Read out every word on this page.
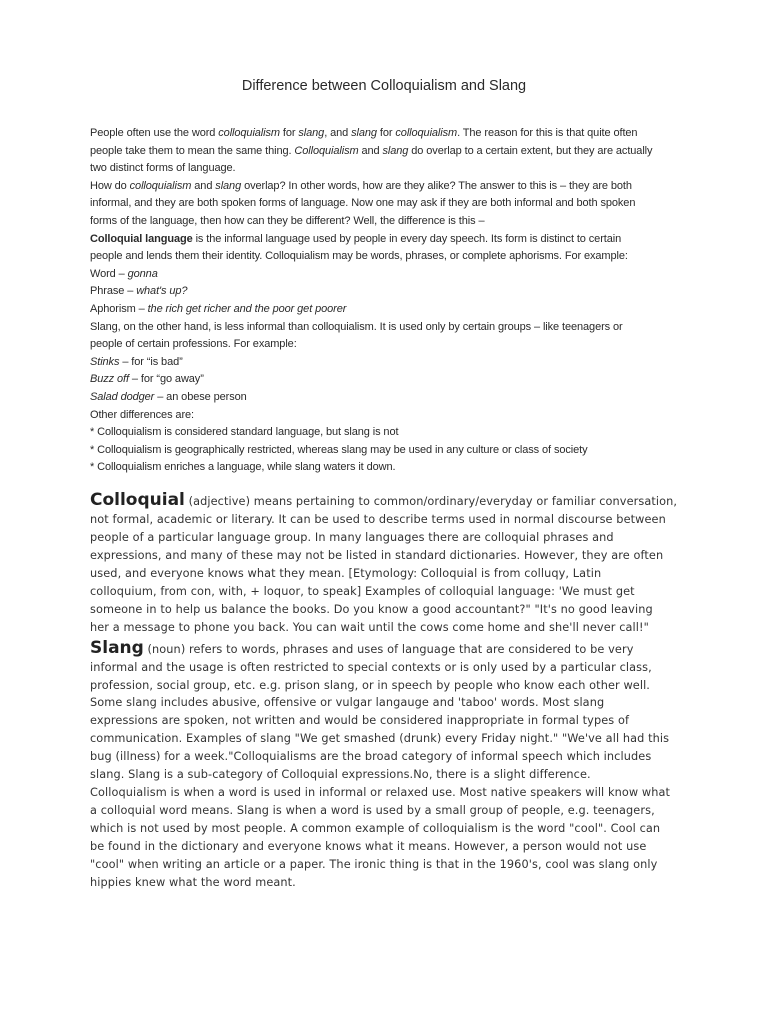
Difference between Colloquialism and Slang
People often use the word colloquialism for slang, and slang for colloquialism. The reason for this is that quite often
people take them to mean the same thing. Colloquialism and slang do overlap to a certain extent, but they are actually
two distinct forms of language.
How do colloquialism and slang overlap? In other words, how are they alike? The answer to this is – they are both
informal, and they are both spoken forms of language. Now one may ask if they are both informal and both spoken
forms of the language, then how can they be different? Well, the difference is this –
Colloquial language is the informal language used by people in every day speech. Its form is distinct to certain
people and lends them their identity. Colloquialism may be words, phrases, or complete aphorisms. For example:
Word – gonna
Phrase – what's up?
Aphorism – the rich get richer and the poor get poorer
Slang, on the other hand, is less informal than colloquialism. It is used only by certain groups – like teenagers or
people of certain professions. For example:
Stinks – for “is bad”
Buzz off – for “go away”
Salad dodger – an obese person
Other differences are:
* Colloquialism is considered standard language, but slang is not
* Colloquialism is geographically restricted, whereas slang may be used in any culture or class of society
* Colloquialism enriches a language, while slang waters it down.
Colloquial (adjective) means pertaining to common/ordinary/everyday or familiar conversation,
not formal, academic or literary. It can be used to describe terms used in normal discourse between
people of a particular language group. In many languages there are colloquial phrases and
expressions, and many of these may not be listed in standard dictionaries. However, they are often
used, and everyone knows what they mean. [Etymology: Colloquial is from colluqy, Latin
colloquium, from con, with, + loquor, to speak] Examples of colloquial language: 'We must get
someone in to help us balance the books. Do you know a good accountant?" "It's no good leaving
her a message to phone you back. You can wait until the cows come home and she'll never call!"
Slang (noun) refers to words, phrases and uses of language that are considered to be very
informal and the usage is often restricted to special contexts or is only used by a particular class,
profession, social group, etc. e.g. prison slang, or in speech by people who know each other well.
Some slang includes abusive, offensive or vulgar langauge and 'taboo' words. Most slang
expressions are spoken, not written and would be considered inappropriate in formal types of
communication. Examples of slang "We get smashed (drunk) every Friday night." "We've all had this
bug (illness) for a week."Colloquialisms are the broad category of informal speech which includes
slang. Slang is a sub-category of Colloquial expressions.No, there is a slight difference.
Colloquialism is when a word is used in informal or relaxed use. Most native speakers will know what
a colloquial word means. Slang is when a word is used by a small group of people, e.g. teenagers,
which is not used by most people. A common example of colloquialism is the word "cool". Cool can
be found in the dictionary and everyone knows what it means. However, a person would not use
"cool" when writing an article or a paper. The ironic thing is that in the 1960's, cool was slang only
hippies knew what the word meant.
